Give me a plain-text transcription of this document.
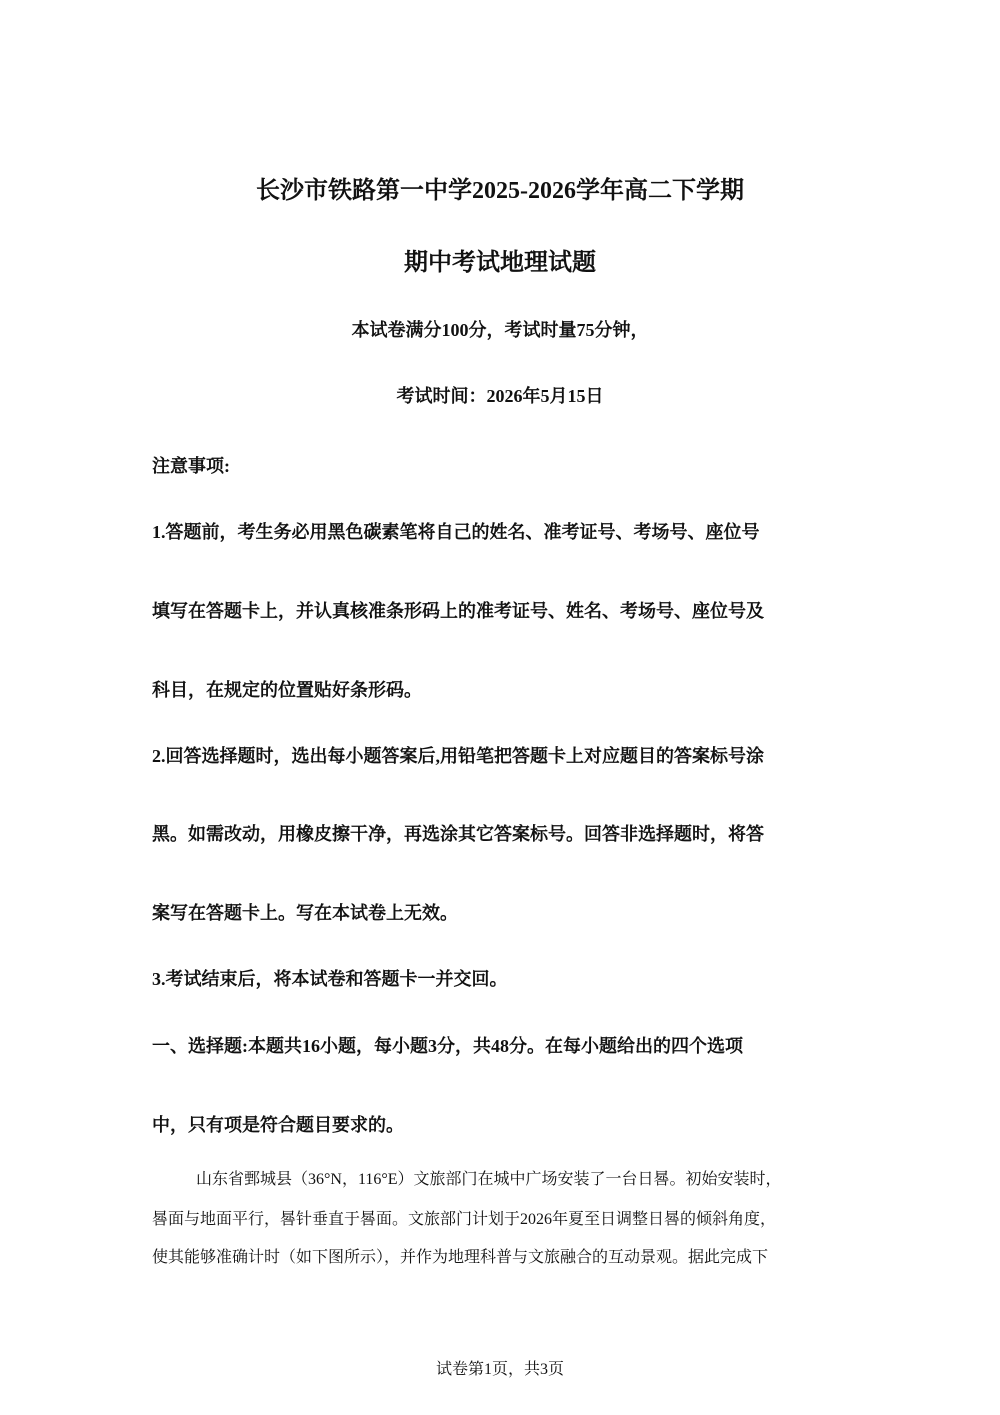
长沙市铁路第一中学2025-2026学年高二下学期
期中考试地理试题
本试卷满分100分，考试时量75分钟，
考试时间：2026年5月15日
注意事项:
1.答题前，考生务必用黑色碳素笔将自己的姓名、准考证号、考场号、座位号
填写在答题卡上，并认真核准条形码上的准考证号、姓名、考场号、座位号及
科目，在规定的位置贴好条形码。
2.回答选择题时，选出每小题答案后,用铅笔把答题卡上对应题目的答案标号涂
黑。如需改动，用橡皮擦干净，再选涂其它答案标号。回答非选择题时，将答
案写在答题卡上。写在本试卷上无效。
3.考试结束后，将本试卷和答题卡一并交回。
一、选择题:本题共16小题，每小题3分，共48分。在每小题给出的四个选项
中，只有项是符合题目要求的。
山东省鄄城县（36°N，116°E）文旅部门在城中广场安装了一台日晷。初始安装时，
晷面与地面平行，晷针垂直于晷面。文旅部门计划于2026年夏至日调整日晷的倾斜角度，
使其能够准确计时（如下图所示），并作为地理科普与文旅融合的互动景观。据此完成下
试卷第1页，共3页
